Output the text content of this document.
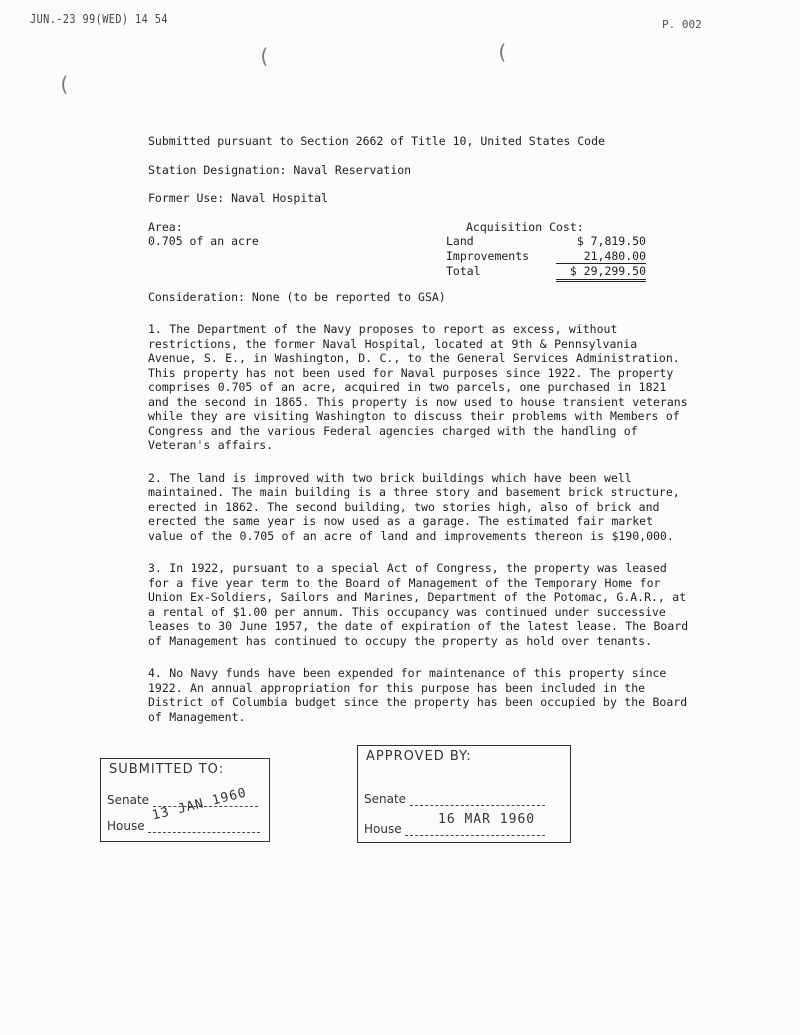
JUN.-23 99(WED) 14 54	P. 002
(	(
(
Submitted pursuant to Section 2662 of Title 10, United States Code
Station Designation: Naval Reservation
Former Use: Naval Hospital
Area:
0.705 of an acre
Acquisition Cost:
Land	$ 7,819.50
Improvements	21,480.00
Total	$ 29,299.50
Consideration: None (to be reported to GSA)

1. The Department of the Navy proposes to report as excess, without restrictions, the former Naval Hospital, located at 9th & Pennsylvania Avenue, S. E., in Washington, D. C., to the General Services Administration. This property has not been used for Naval purposes since 1922. The property comprises 0.705 of an acre, acquired in two parcels, one purchased in 1821 and the second in 1865. This property is now used to house transient veterans while they are visiting Washington to discuss their problems with Members of Congress and the various Federal agencies charged with the handling of Veteran's affairs.

2. The land is improved with two brick buildings which have been well maintained. The main building is a three story and basement brick structure, erected in 1862. The second building, two stories high, also of brick and erected the same year is now used as a garage. The estimated fair market value of the 0.705 of an acre of land and improvements thereon is $190,000.

3. In 1922, pursuant to a special Act of Congress, the property was leased for a five year term to the Board of Management of the Temporary Home for Union Ex-Soldiers, Sailors and Marines, Department of the Potomac, G.A.R., at a rental of $1.00 per annum. This occupancy was continued under successive leases to 30 June 1957, the date of expiration of the latest lease. The Board of Management has continued to occupy the property as hold over tenants.

4. No Navy funds have been expended for maintenance of this property since 1922. An annual appropriation for this purpose has been included in the District of Columbia budget since the property has been occupied by the Board of Management.

SUBMITTED TO:
Senate
House
13 JAN 1960
APPROVED BY:
Senate
House
16 MAR 1960
